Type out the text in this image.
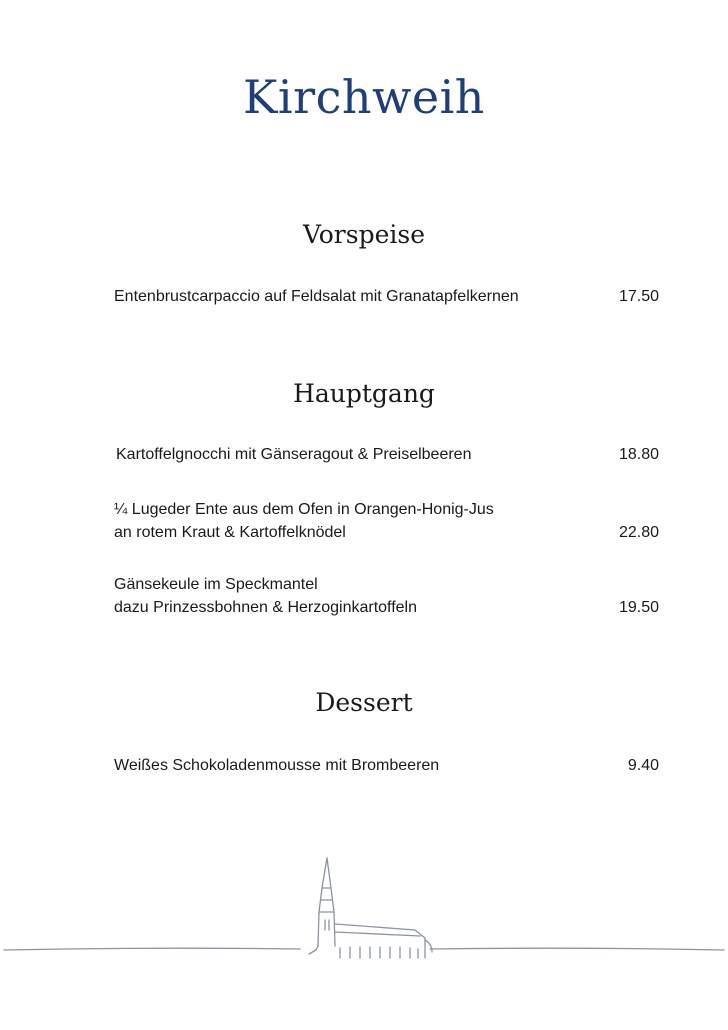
Kirchweih
Vorspeise
Entenbrustcarpaccio auf Feldsalat mit Granatapfelkernen	17.50
Hauptgang
Kartoffelgnocchi mit Gänseragout & Preiselbeeren	18.80
¼ Lugeder Ente aus dem Ofen in Orangen-Honig-Jus
an rotem Kraut & Kartoffelknödel	22.80
Gänsekeule im Speckmantel
dazu Prinzessbohnen & Herzoginkartoffeln	19.50
Dessert
Weißes Schokoladenmousse mit Brombeeren	9.40
